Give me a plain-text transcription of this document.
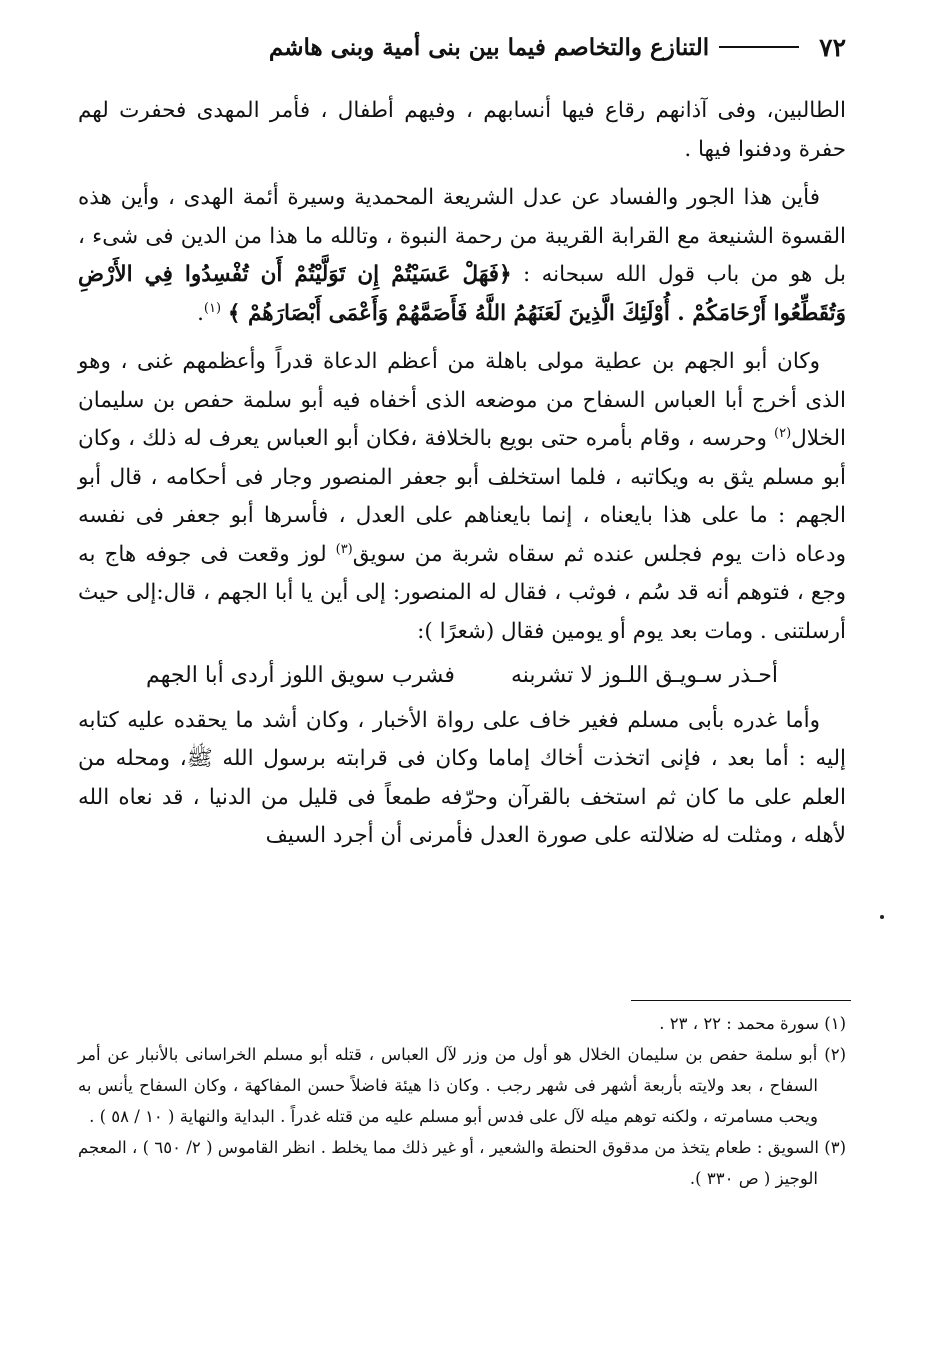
٧٢
التنازع والتخاصم فيما بين بنى أمية وبنى هاشم

الطالبين، وفى آذانهم رقاع فيها أنسابهم ، وفيهم أطفال ، فأمر المهدى فحفرت لهم حفرة ودفنوا فيها .

فأين هذا الجور والفساد عن عدل الشريعة المحمدية وسيرة أئمة الهدى ، وأين هذه القسوة الشنيعة مع القرابة القريبة من رحمة النبوة ، وتالله ما هذا من الدين فى شىء ، بل هو من باب قول الله سبحانه : ﴿فَهَلْ عَسَيْتُمْ إِن تَوَلَّيْتُمْ أَن تُفْسِدُوا فِي الأَرْضِ وَتُقَطِّعُوا أَرْحَامَكُمْ . أُوْلَئِكَ الَّذِينَ لَعَنَهُمُ اللَّهُ فَأَصَمَّهُمْ وَأَعْمَى أَبْصَارَهُمْ ﴾ $^{(١)}$.

وكان أبو الجهم بن عطية مولى باهلة من أعظم الدعاة قدراً وأعظمهم غنى ، وهو الذى أخرج أبا العباس السفاح من موضعه الذى أخفاه فيه أبو سلمة حفص بن سليمان الخلال$^{(٢)}$ وحرسه ، وقام بأمره حتى بويع بالخلافة ،فكان أبو العباس يعرف له ذلك ، وكان أبو مسلم يثق به ويكاتبه ، فلما استخلف أبو جعفر المنصور وجار فى أحكامه ، قال أبو الجهم : ما على هذا بايعناه ، إنما بايعناهم على العدل ، فأسرها أبو جعفر فى نفسه ودعاه ذات يوم فجلس عنده ثم سقاه شربة من سويق$^{(٣)}$ لوز وقعت فى جوفه هاج به وجع ، فتوهم أنه قد سُم ، فوثب ، فقال له المنصور: إلى أين يا أبا الجهم ، قال:إلى حيث أرسلتنى . ومات بعد يوم أو يومين فقال (شعرًا ):

أحـذر سـويـق اللـوز لا تشربنه
فشرب سويق اللوز أردى أبا الجهم

وأما غدره بأبى مسلم فغير خاف على رواة الأخبار ، وكان أشد ما يحقده عليه كتابه إليه : أما بعد ، فإنى اتخذت أخاك إماما وكان فى قرابته برسول الله ﷺ، ومحله من العلم على ما كان ثم استخف بالقرآن وحرّفه طمعاً فى قليل من الدنيا ، قد نعاه الله لأهله ، ومثلت له ضلالته على صورة العدل فأمرنى أن أجرد السيف

(١) سورة محمد : ٢٢ ، ٢٣ .

(٢) أبو سلمة حفص بن سليمان الخلال هو أول من وزر لآل العباس ، قتله أبو مسلم الخراسانى بالأنبار عن أمر السفاح ، بعد ولايته بأربعة أشهر فى شهر رجب . وكان ذا هيئة فاضلاً حسن المفاكهة ، وكان السفاح يأنس به ويحب مسامرته ، ولكنه توهم ميله لآل على فدس أبو مسلم عليه من قتله غدراً . البداية والنهاية ( ١٠ / ٥٨ ) .

(٣) السويق : طعام يتخذ من مدقوق الحنطة والشعير ، أو غير ذلك مما يخلط . انظر القاموس ( ٢/ ٦٥٠ ) ، المعجم الوجيز ( ص ٣٣٠ ).
